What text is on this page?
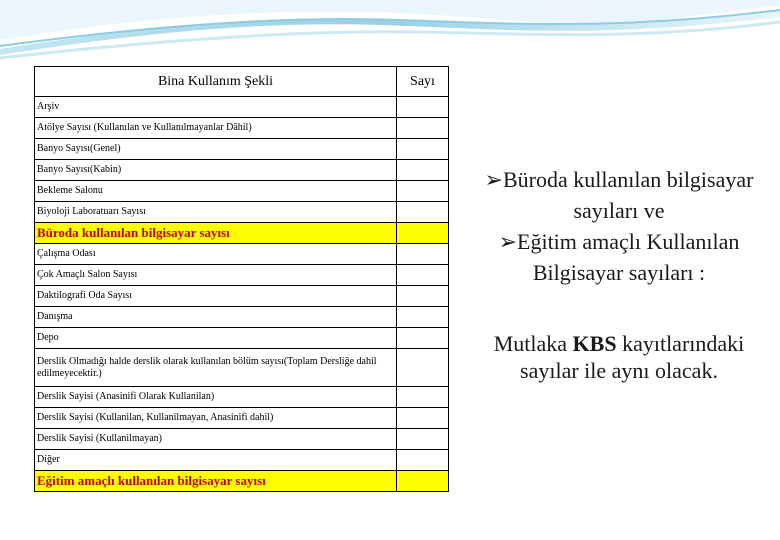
Bina Kullanım Şekli	Sayı
Arşiv	
Atölye Sayısı (Kullanılan ve Kullanılmayanlar Dâhil)	
Banyo Sayısı(Genel)	
Banyo Sayısı(Kabin)	
Bekleme Salonu	
Biyoloji Laboratuarı Sayısı	
Büroda kullanılan bilgisayar sayısı	
Çalışma Odası	
Çok Amaçlı Salon Sayısı	
Daktilografi Oda Sayısı	
Danışma	
Depo	
Derslik Olmadığı halde derslik olarak kullanılan bölüm sayısı(Toplam Dersliğe dahil edilmeyecektir.)	
Derslik Sayisi (Anasinifi Olarak Kullanilan)	
Derslik Sayisi (Kullanilan, Kullanilmayan, Anasinifi dahil)	
Derslik Sayisi (Kullanilmayan)	
Diğer	
Eğitim amaçlı kullanılan bilgisayar sayısı	
➢Büroda kullanılan bilgisayar sayıları ve
➢Eğitim amaçlı Kullanılan Bilgisayar sayıları :
Mutlaka KBS kayıtlarındaki sayılar ile aynı olacak.
